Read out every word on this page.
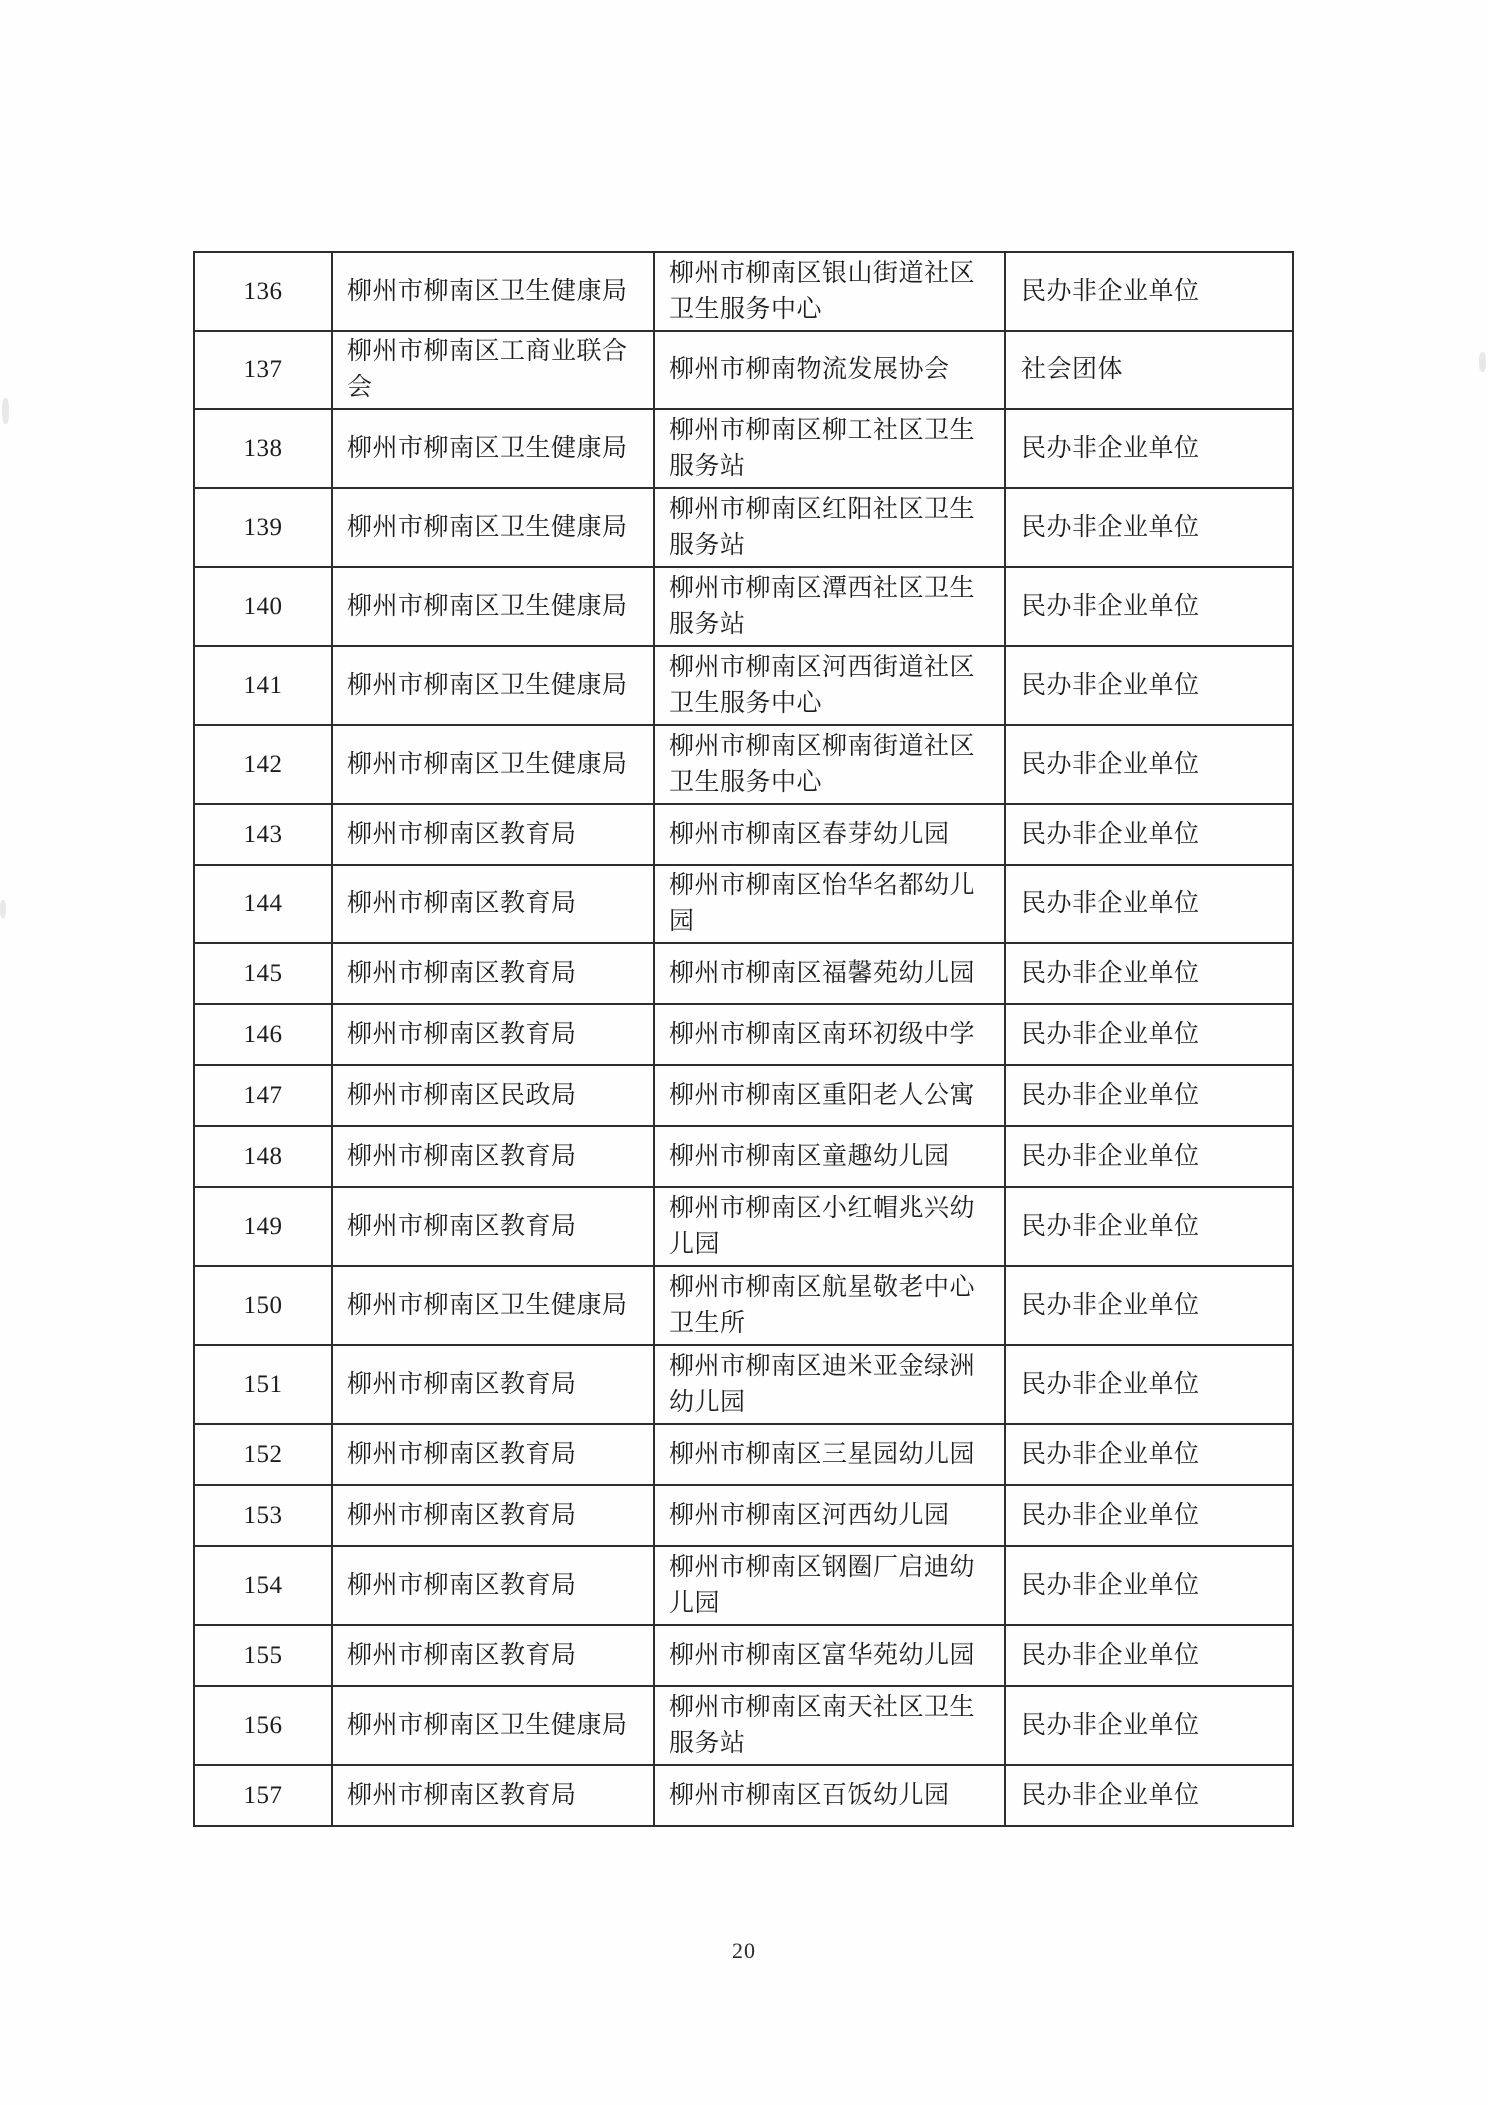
136	柳州市柳南区卫生健康局	柳州市柳南区银山街道社区卫生服务中心	民办非企业单位
137	柳州市柳南区工商业联合会	柳州市柳南物流发展协会	社会团体
138	柳州市柳南区卫生健康局	柳州市柳南区柳工社区卫生服务站	民办非企业单位
139	柳州市柳南区卫生健康局	柳州市柳南区红阳社区卫生服务站	民办非企业单位
140	柳州市柳南区卫生健康局	柳州市柳南区潭西社区卫生服务站	民办非企业单位
141	柳州市柳南区卫生健康局	柳州市柳南区河西街道社区卫生服务中心	民办非企业单位
142	柳州市柳南区卫生健康局	柳州市柳南区柳南街道社区卫生服务中心	民办非企业单位
143	柳州市柳南区教育局	柳州市柳南区春芽幼儿园	民办非企业单位
144	柳州市柳南区教育局	柳州市柳南区怡华名都幼儿园	民办非企业单位
145	柳州市柳南区教育局	柳州市柳南区福馨苑幼儿园	民办非企业单位
146	柳州市柳南区教育局	柳州市柳南区南环初级中学	民办非企业单位
147	柳州市柳南区民政局	柳州市柳南区重阳老人公寓	民办非企业单位
148	柳州市柳南区教育局	柳州市柳南区童趣幼儿园	民办非企业单位
149	柳州市柳南区教育局	柳州市柳南区小红帽兆兴幼儿园	民办非企业单位
150	柳州市柳南区卫生健康局	柳州市柳南区航星敬老中心卫生所	民办非企业单位
151	柳州市柳南区教育局	柳州市柳南区迪米亚金绿洲幼儿园	民办非企业单位
152	柳州市柳南区教育局	柳州市柳南区三星园幼儿园	民办非企业单位
153	柳州市柳南区教育局	柳州市柳南区河西幼儿园	民办非企业单位
154	柳州市柳南区教育局	柳州市柳南区钢圈厂启迪幼儿园	民办非企业单位
155	柳州市柳南区教育局	柳州市柳南区富华苑幼儿园	民办非企业单位
156	柳州市柳南区卫生健康局	柳州市柳南区南天社区卫生服务站	民办非企业单位
157	柳州市柳南区教育局	柳州市柳南区百饭幼儿园	民办非企业单位
20
